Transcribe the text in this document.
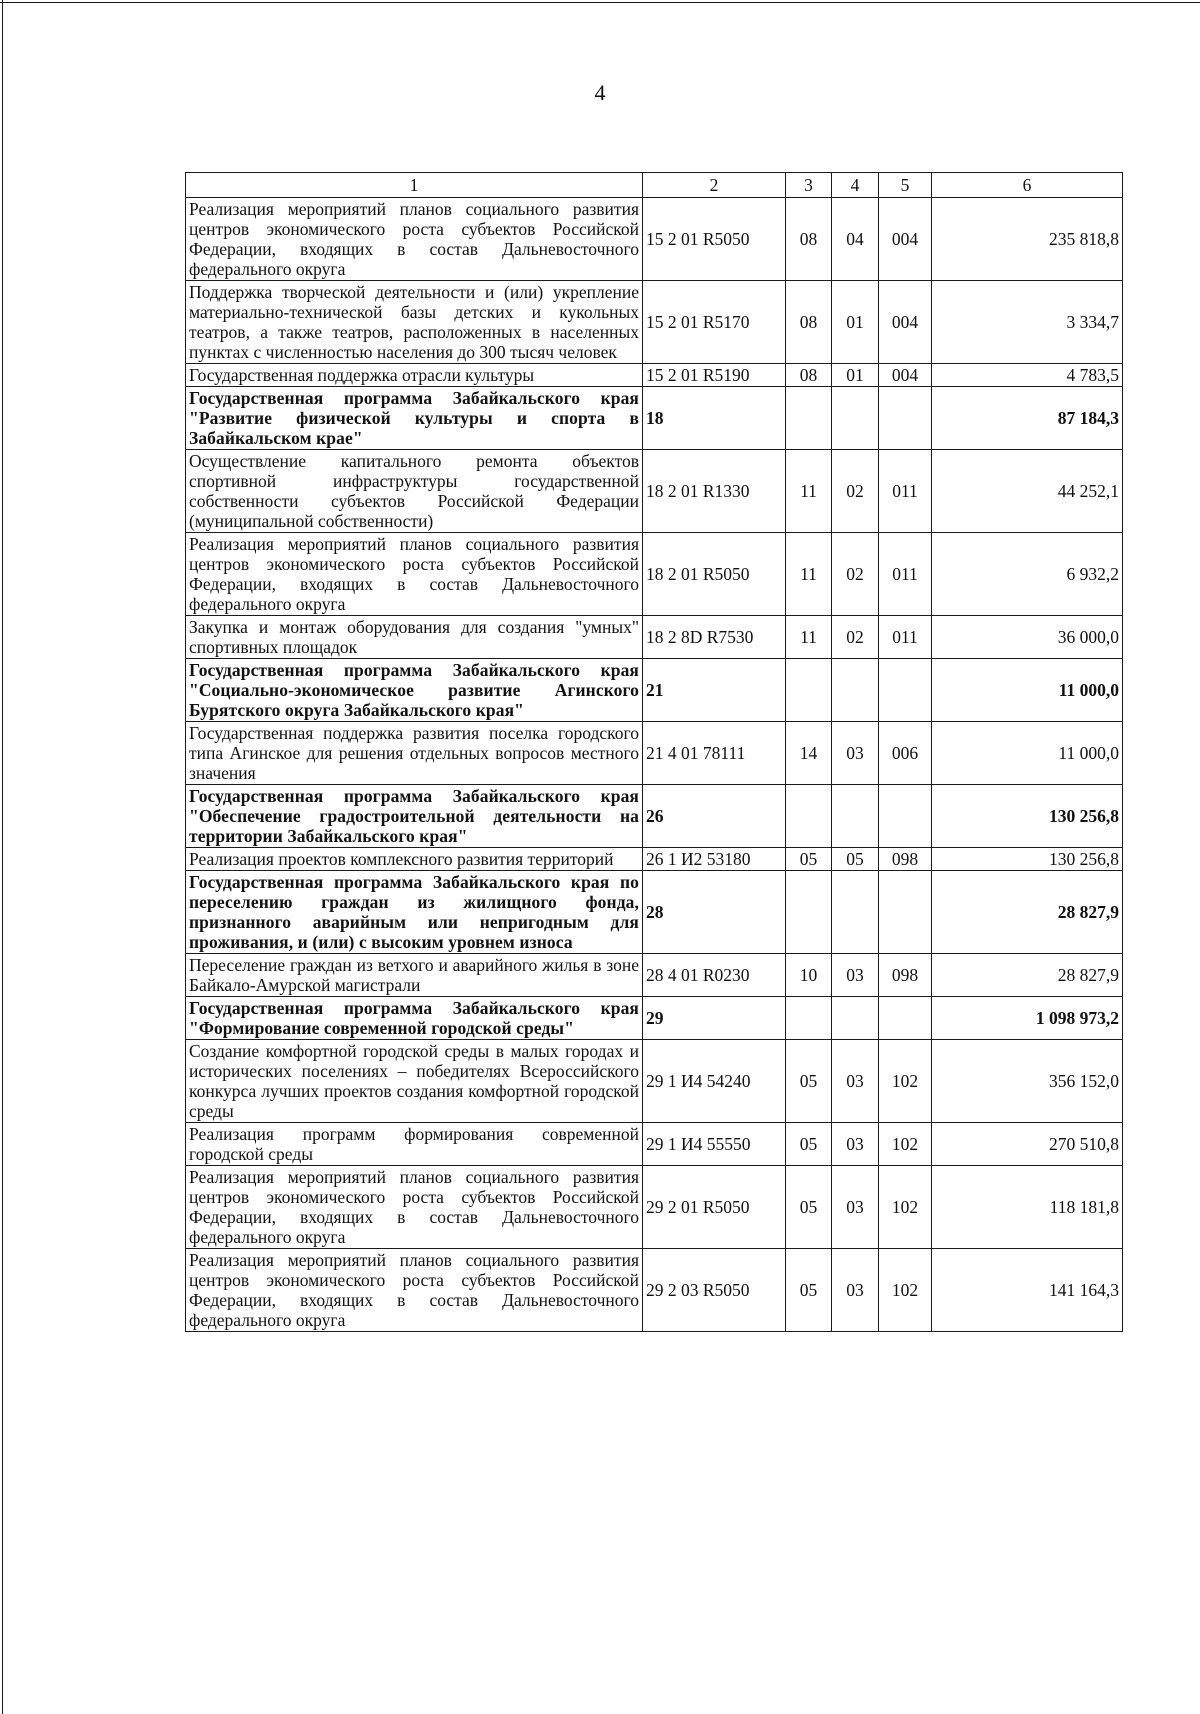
4
1	2	3	4	5	6
Реализация мероприятий планов социального развития центров экономического роста субъектов Российской Федерации, входящих в состав Дальневосточного федерального округа	15 2 01 R5050	08	04	004	235 818,8
Поддержка творческой деятельности и (или) укрепление материально-технической базы детских и кукольных театров, а также театров, расположенных в населенных пунктах с численностью населения до 300 тысяч человек	15 2 01 R5170	08	01	004	3 334,7
Государственная поддержка отрасли культуры	15 2 01 R5190	08	01	004	4 783,5
Государственная программа Забайкальского края "Развитие физической культуры и спорта в Забайкальском крае"	18				87 184,3
Осуществление капитального ремонта объектов спортивной инфраструктуры государственной собственности субъектов Российской Федерации (муниципальной собственности)	18 2 01 R1330	11	02	011	44 252,1
Реализация мероприятий планов социального развития центров экономического роста субъектов Российской Федерации, входящих в состав Дальневосточного федерального округа	18 2 01 R5050	11	02	011	6 932,2
Закупка и монтаж оборудования для создания "умных" спортивных площадок	18 2 8D R7530	11	02	011	36 000,0
Государственная программа Забайкальского края "Социально-экономическое развитие Агинского Бурятского округа Забайкальского края"	21				11 000,0
Государственная поддержка развития поселка городского типа Агинское для решения отдельных вопросов местного значения	21 4 01 78111	14	03	006	11 000,0
Государственная программа Забайкальского края "Обеспечение градостроительной деятельности на территории Забайкальского края"	26				130 256,8
Реализация проектов комплексного развития территорий	26 1 И2 53180	05	05	098	130 256,8
Государственная программа Забайкальского края по переселению граждан из жилищного фонда, признанного аварийным или непригодным для проживания, и (или) с высоким уровнем износа	28				28 827,9
Переселение граждан из ветхого и аварийного жилья в зоне Байкало-Амурской магистрали	28 4 01 R0230	10	03	098	28 827,9
Государственная программа Забайкальского края "Формирование современной городской среды"	29				1 098 973,2
Создание комфортной городской среды в малых городах и исторических поселениях – победителях Всероссийского конкурса лучших проектов создания комфортной городской среды	29 1 И4 54240	05	03	102	356 152,0
Реализация программ формирования современной городской среды	29 1 И4 55550	05	03	102	270 510,8
Реализация мероприятий планов социального развития центров экономического роста субъектов Российской Федерации, входящих в состав Дальневосточного федерального округа	29 2 01 R5050	05	03	102	118 181,8
Реализация мероприятий планов социального развития центров экономического роста субъектов Российской Федерации, входящих в состав Дальневосточного федерального округа	29 2 03 R5050	05	03	102	141 164,3
